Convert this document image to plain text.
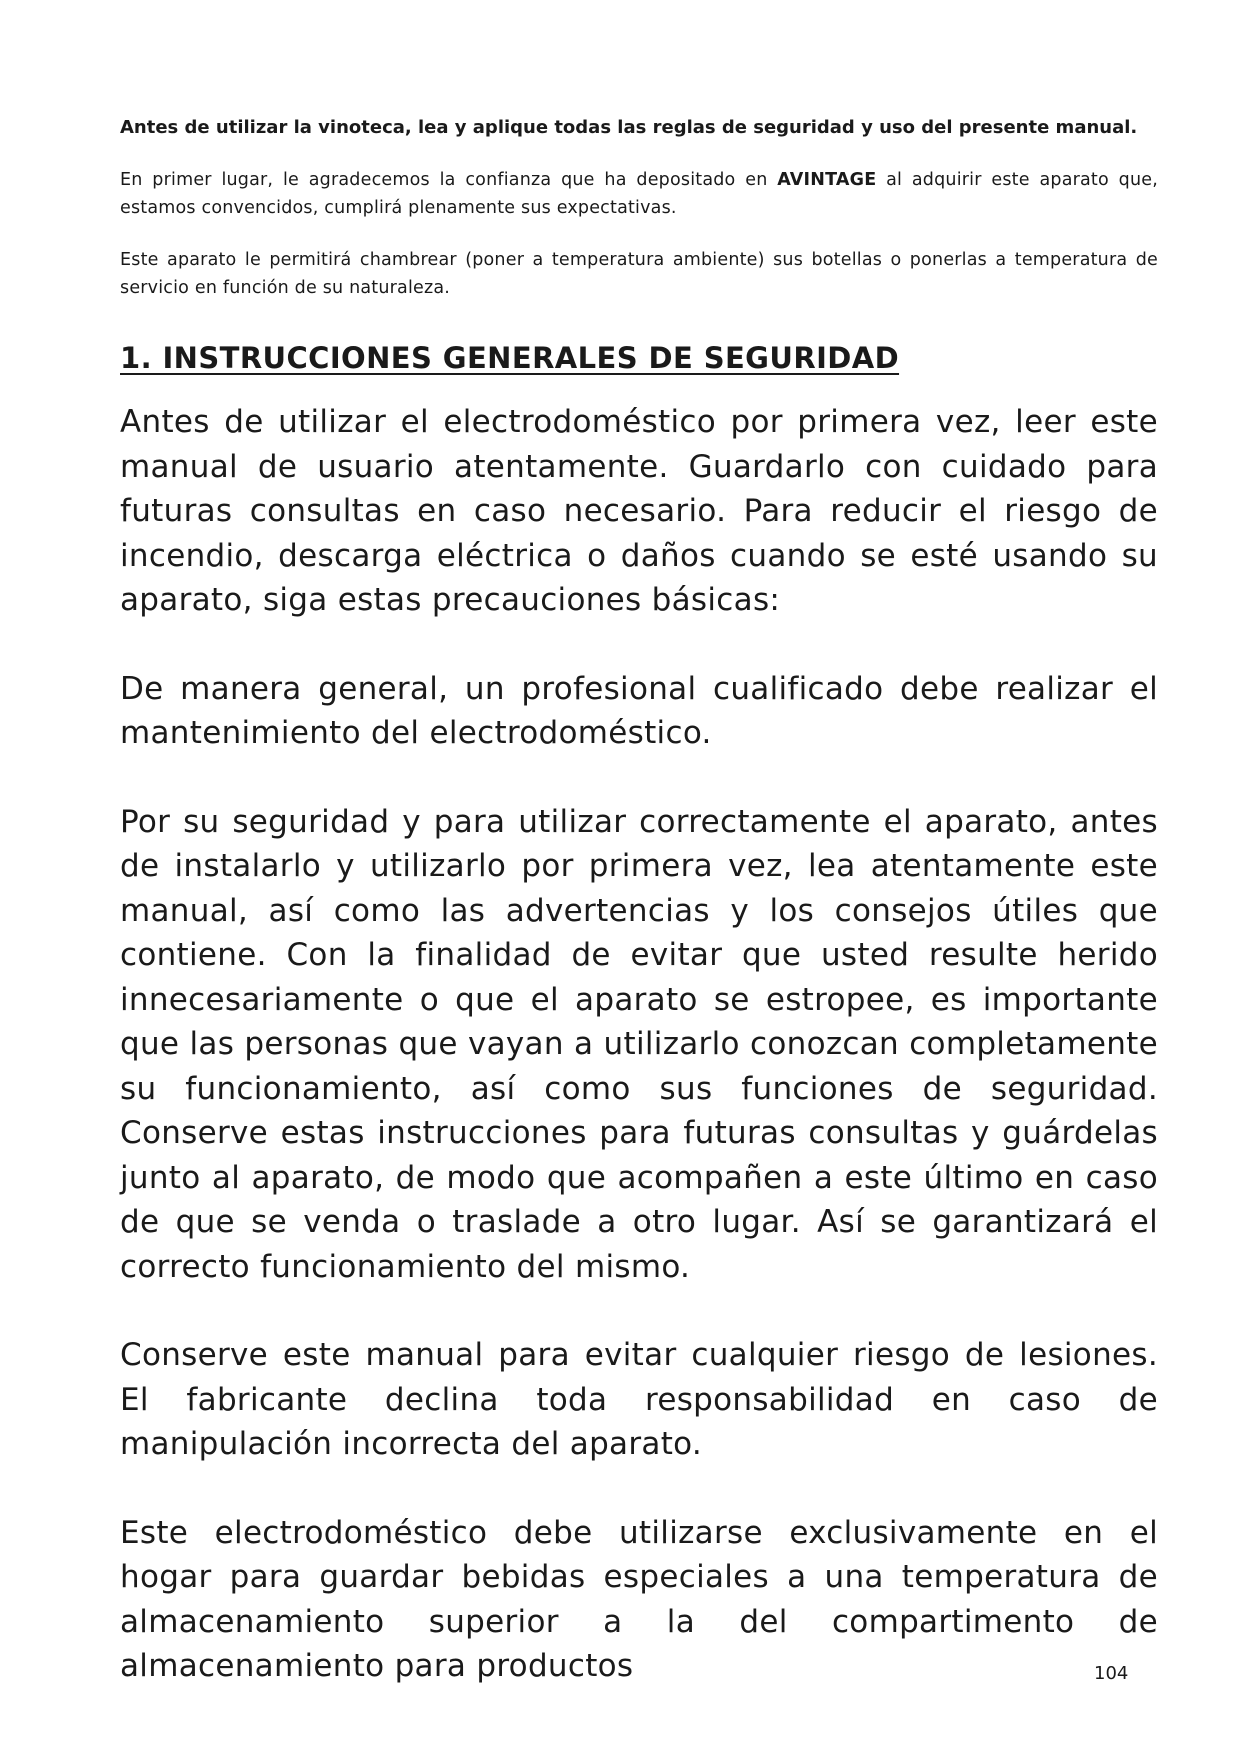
Antes de utilizar la vinoteca, lea y aplique todas las reglas de seguridad y uso del presente manual.

En primer lugar, le agradecemos la confianza que ha depositado en AVINTAGE al adquirir este aparato que, estamos convencidos, cumplirá plenamente sus expectativas.

Este aparato le permitirá chambrear (poner a temperatura ambiente) sus botellas o ponerlas a temperatura de servicio en función de su naturaleza.

1. INSTRUCCIONES GENERALES DE SEGURIDAD

Antes de utilizar el electrodoméstico por primera vez, leer este manual de usuario atentamente. Guardarlo con cuidado para futuras consultas en caso necesario. Para reducir el riesgo de incendio, descarga eléctrica o daños cuando se esté usando su aparato, siga estas precauciones básicas:

De manera general, un profesional cualificado debe realizar el mantenimiento del electrodoméstico.

Por su seguridad y para utilizar correctamente el aparato, antes de instalarlo y utilizarlo por primera vez, lea atentamente este manual, así como las advertencias y los consejos útiles que contiene. Con la finalidad de evitar que usted resulte herido innecesariamente o que el aparato se estropee, es importante que las personas que vayan a utilizarlo conozcan completamente su funcionamiento, así como sus funciones de seguridad. Conserve estas instrucciones para futuras consultas y guárdelas junto al aparato, de modo que acompañen a este último en caso de que se venda o traslade a otro lugar. Así se garantizará el correcto funcionamiento del mismo.

Conserve este manual para evitar cualquier riesgo de lesiones. El fabricante declina toda responsabilidad en caso de manipulación incorrecta del aparato.

Este electrodoméstico debe utilizarse exclusivamente en el hogar para guardar bebidas especiales a una temperatura de almacenamiento superior a la del compartimento de almacenamiento para productos	104
